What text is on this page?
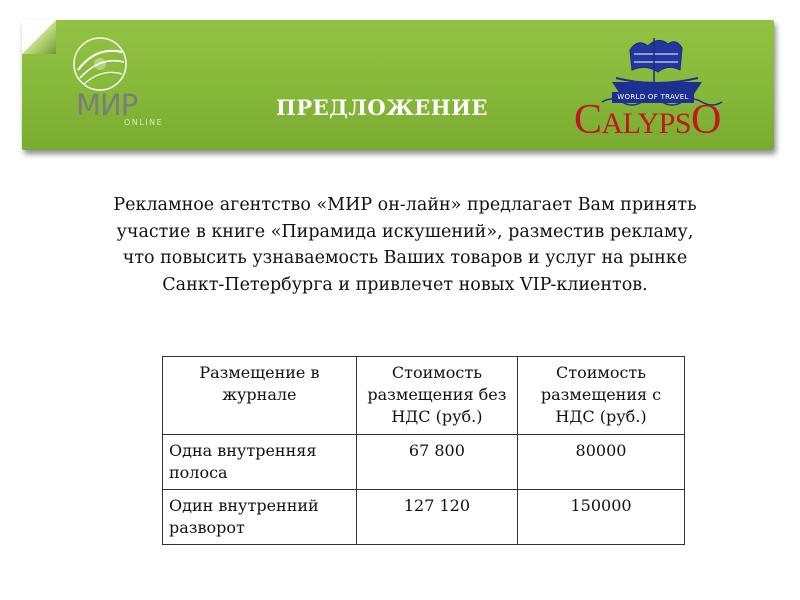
МИР
ONLINE
ПРЕДЛОЖЕНИЕ	WORLD OF TRAVEL
CALYPSO
Рекламное агентство «МИР он-лайн» предлагает Вам принять участие в книге «Пирамида искушений», разместив рекламу, что повысить узнаваемость Ваших товаров и услуг на рынке Санкт-Петербурга и привлечет новых VIP-клиентов.
Размещение в журнале	Стоимость размещения без НДС (руб.)	Стоимость размещения с НДС (руб.)
Одна внутренняя полоса	67 800	80000
Один внутренний разворот	127 120	150000
